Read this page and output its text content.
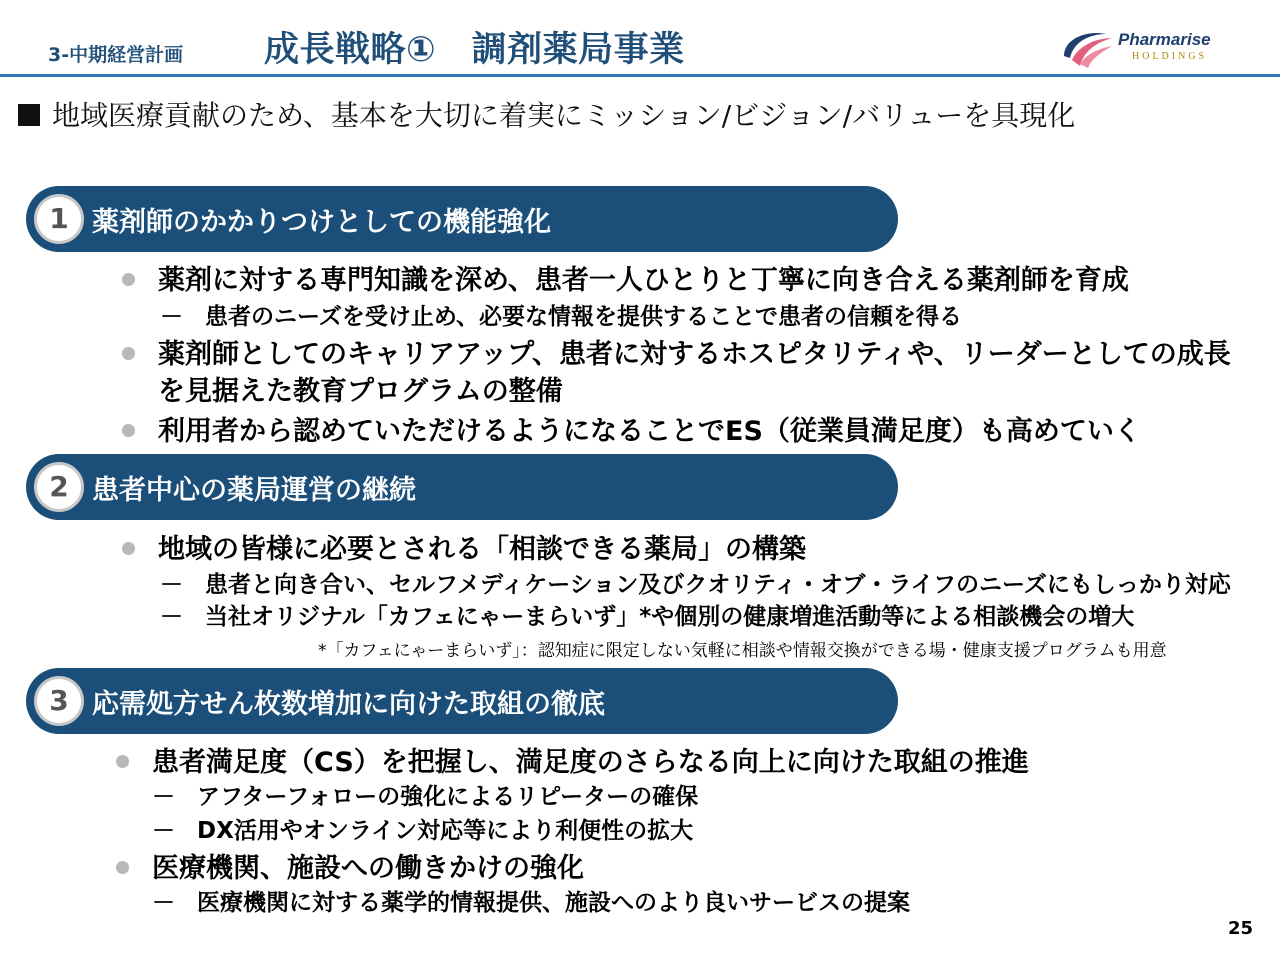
3-中期経営計画 成長戦略①　調剤薬局事業	Pharmarise
HOLDINGS
地域医療貢献のため、基本を大切に着実にミッション/ビジョン/バリューを具現化
1 薬剤師のかかりつけとしての機能強化
薬剤に対する専門知識を深め、患者一人ひとりと丁寧に向き合える薬剤師を育成
－ 患者のニーズを受け止め、必要な情報を提供することで患者の信頼を得る
薬剤師としてのキャリアアップ、患者に対するホスピタリティや、リーダーとしての成長
を見据えた教育プログラムの整備
利用者から認めていただけるようになることでES（従業員満足度）も高めていく
2 患者中心の薬局運営の継続
地域の皆様に必要とされる「相談できる薬局」の構築
－ 患者と向き合い、セルフメディケーション及びクオリティ・オブ・ライフのニーズにもしっかり対応
－ 当社オリジナル「カフェにゃーまらいず」*や個別の健康増進活動等による相談機会の増大
*「カフェにゃーまらいず」：認知症に限定しない気軽に相談や情報交換ができる場・健康支援プログラムも用意
3 応需処方せん枚数増加に向けた取組の徹底
患者満足度（CS）を把握し、満足度のさらなる向上に向けた取組の推進
－ アフターフォローの強化によるリピーターの確保
－ DX活用やオンライン対応等により利便性の拡大
医療機関、施設への働きかけの強化
－ 医療機関に対する薬学的情報提供、施設へのより良いサービスの提案
25
